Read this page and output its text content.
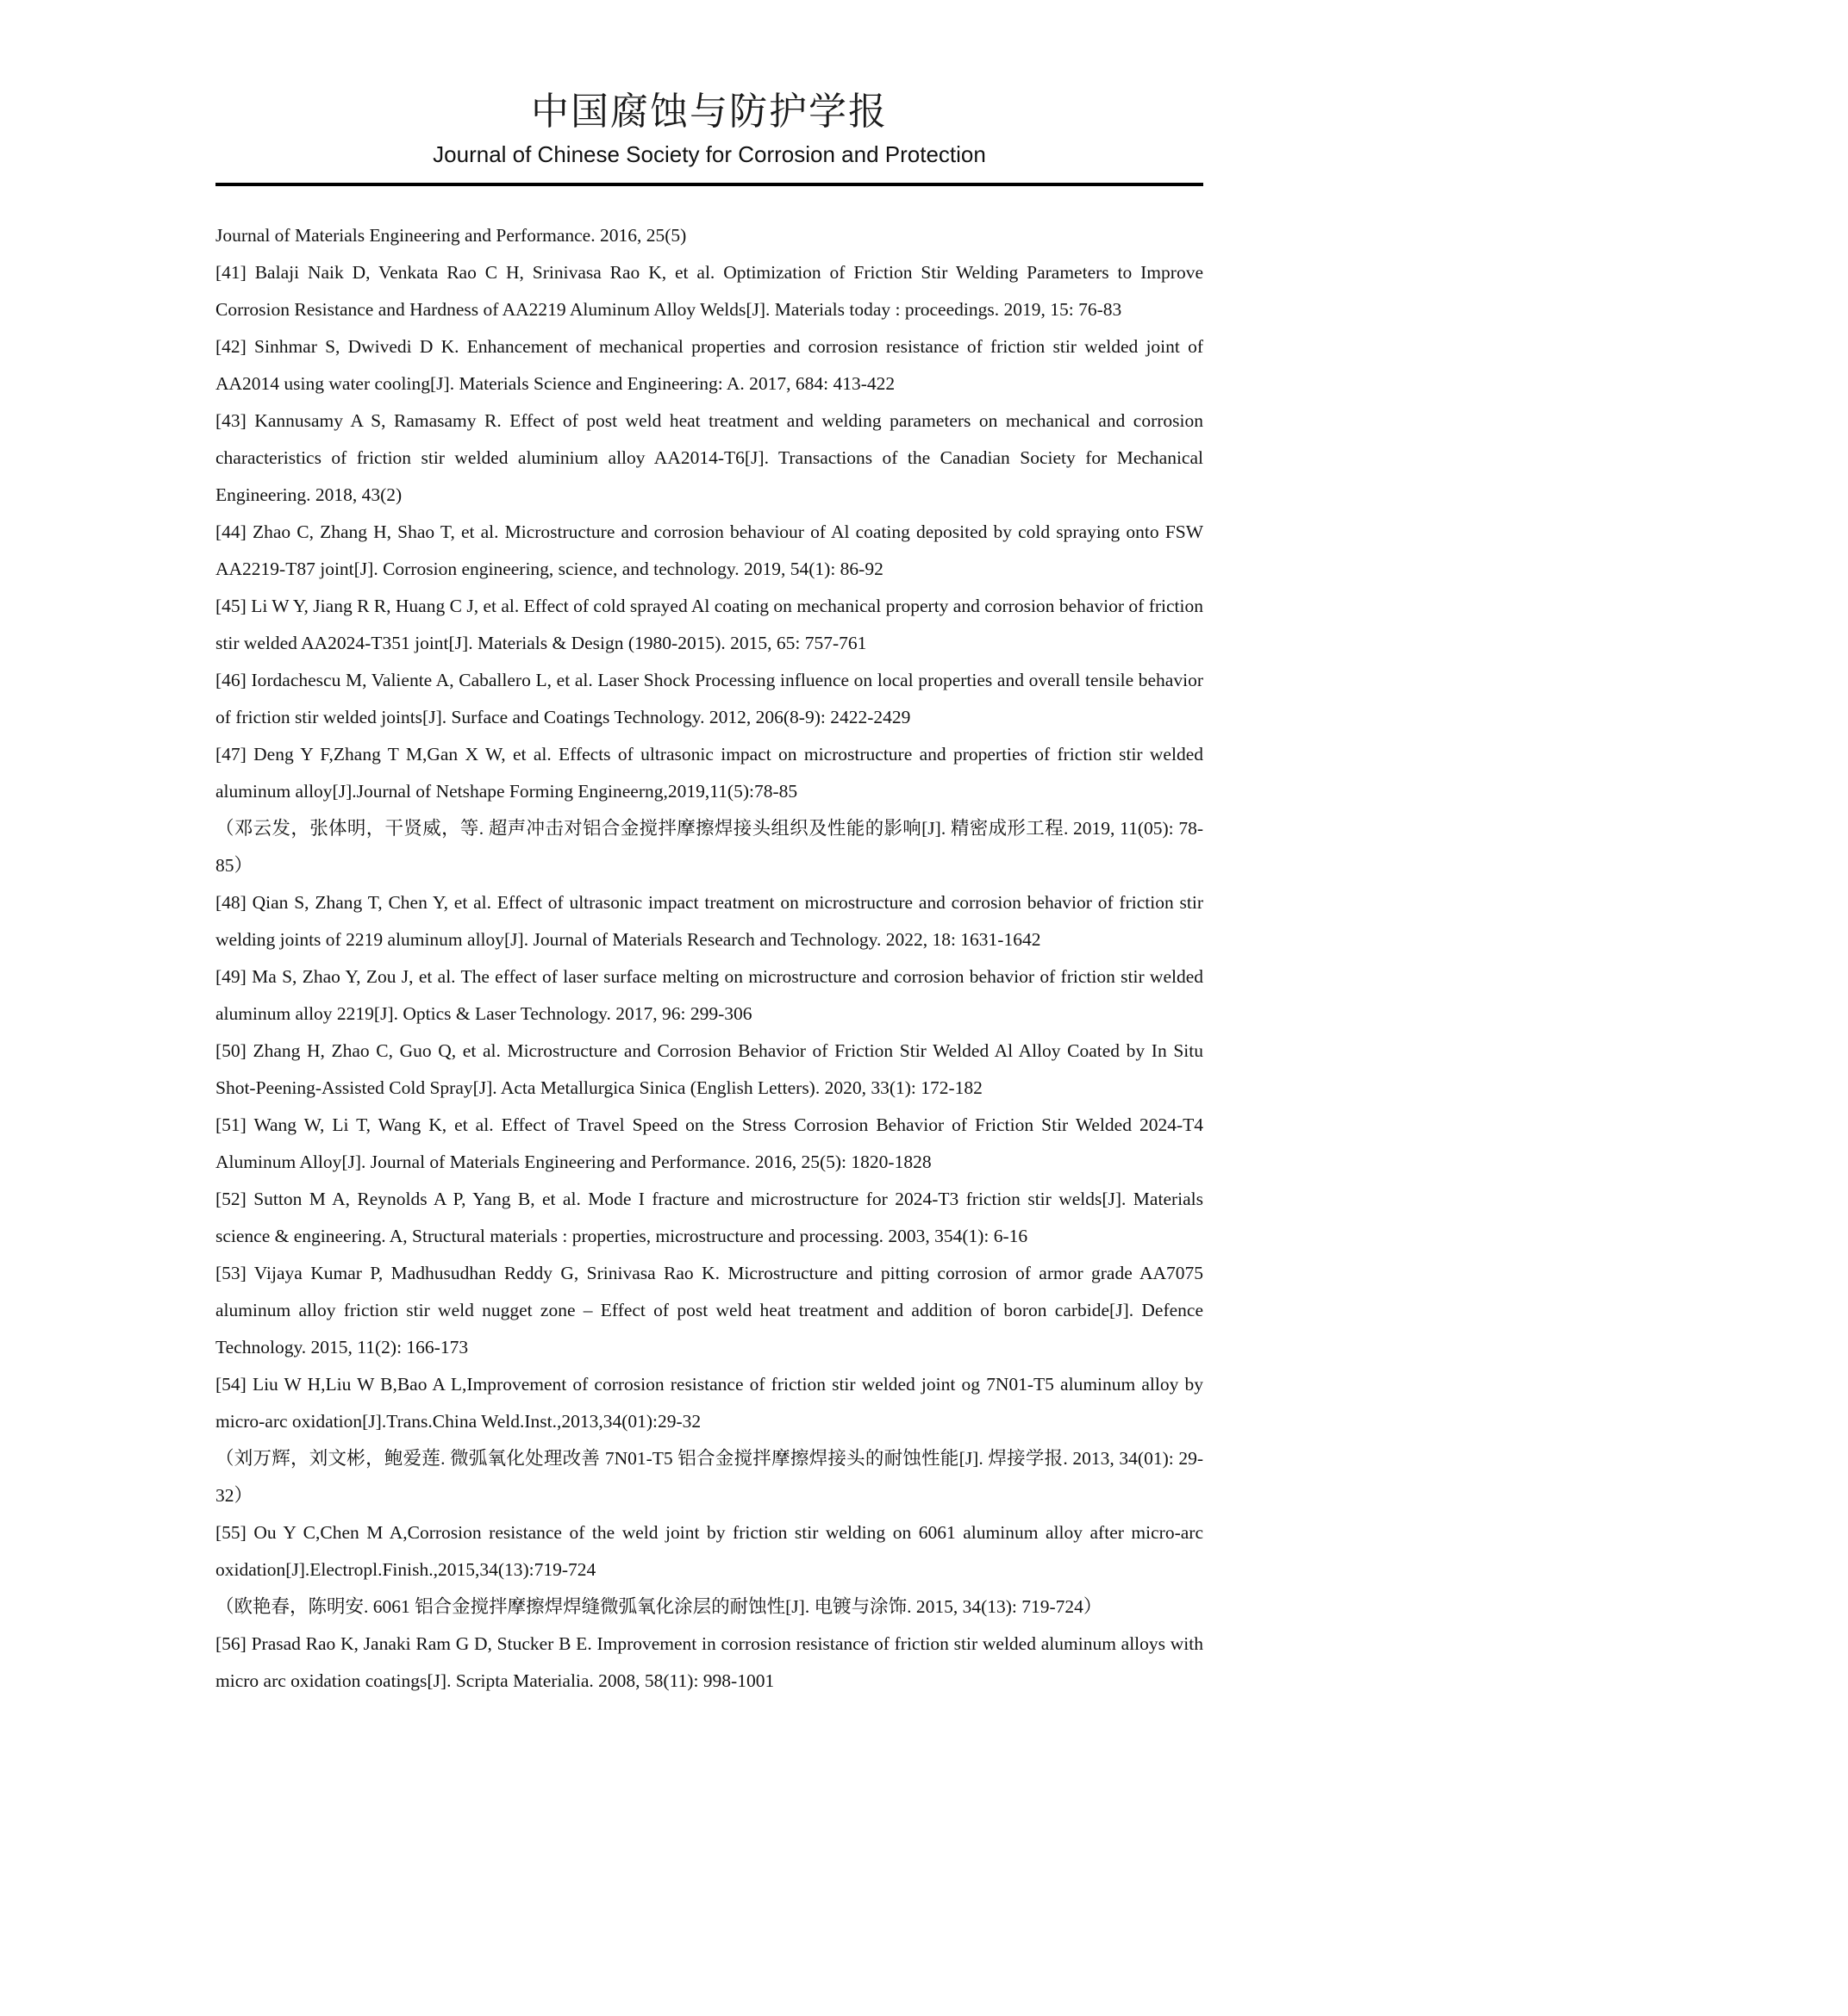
中国腐蚀与防护学报
Journal of Chinese Society for Corrosion and Protection

Journal of Materials Engineering and Performance. 2016, 25(5)

[41] Balaji Naik D, Venkata Rao C H, Srinivasa Rao K, et al. Optimization of Friction Stir Welding Parameters to Improve Corrosion Resistance and Hardness of AA2219 Aluminum Alloy Welds[J]. Materials today : proceedings. 2019, 15: 76-83

[42] Sinhmar S, Dwivedi D K. Enhancement of mechanical properties and corrosion resistance of friction stir welded joint of AA2014 using water cooling[J]. Materials Science and Engineering: A. 2017, 684: 413-422

[43] Kannusamy A S, Ramasamy R. Effect of post weld heat treatment and welding parameters on mechanical and corrosion characteristics of friction stir welded aluminium alloy AA2014-T6[J]. Transactions of the Canadian Society for Mechanical Engineering. 2018, 43(2)

[44] Zhao C, Zhang H, Shao T, et al. Microstructure and corrosion behaviour of Al coating deposited by cold spraying onto FSW AA2219-T87 joint[J]. Corrosion engineering, science, and technology. 2019, 54(1): 86-92

[45] Li W Y, Jiang R R, Huang C J, et al. Effect of cold sprayed Al coating on mechanical property and corrosion behavior of friction stir welded AA2024-T351 joint[J]. Materials & Design (1980-2015). 2015, 65: 757-761

[46] Iordachescu M, Valiente A, Caballero L, et al. Laser Shock Processing influence on local properties and overall tensile behavior of friction stir welded joints[J]. Surface and Coatings Technology. 2012, 206(8-9): 2422-2429

[47] Deng Y F,Zhang T M,Gan X W, et al. Effects of ultrasonic impact on microstructure and properties of friction stir welded aluminum alloy[J].Journal of Netshape Forming Engineerng,2019,11(5):78-85

（邓云发，张体明，干贤威，等. 超声冲击对铝合金搅拌摩擦焊接头组织及性能的影响[J]. 精密成形工程. 2019, 11(05): 78-85）

[48] Qian S, Zhang T, Chen Y, et al. Effect of ultrasonic impact treatment on microstructure and corrosion behavior of friction stir welding joints of 2219 aluminum alloy[J]. Journal of Materials Research and Technology. 2022, 18: 1631-1642

[49] Ma S, Zhao Y, Zou J, et al. The effect of laser surface melting on microstructure and corrosion behavior of friction stir welded aluminum alloy 2219[J]. Optics & Laser Technology. 2017, 96: 299-306

[50] Zhang H, Zhao C, Guo Q, et al. Microstructure and Corrosion Behavior of Friction Stir Welded Al Alloy Coated by In Situ Shot-Peening-Assisted Cold Spray[J]. Acta Metallurgica Sinica (English Letters). 2020, 33(1): 172-182

[51] Wang W, Li T, Wang K, et al. Effect of Travel Speed on the Stress Corrosion Behavior of Friction Stir Welded 2024-T4 Aluminum Alloy[J]. Journal of Materials Engineering and Performance. 2016, 25(5): 1820-1828

[52] Sutton M A, Reynolds A P, Yang B, et al. Mode I fracture and microstructure for 2024-T3 friction stir welds[J]. Materials science & engineering. A, Structural materials : properties, microstructure and processing. 2003, 354(1): 6-16

[53] Vijaya Kumar P, Madhusudhan Reddy G, Srinivasa Rao K. Microstructure and pitting corrosion of armor grade AA7075 aluminum alloy friction stir weld nugget zone – Effect of post weld heat treatment and addition of boron carbide[J]. Defence Technology. 2015, 11(2): 166-173

[54] Liu W H,Liu W B,Bao A L,Improvement of corrosion resistance of friction stir welded joint og 7N01-T5 aluminum alloy by micro-arc oxidation[J].Trans.China Weld.Inst.,2013,34(01):29-32

（刘万辉，刘文彬，鲍爱莲. 微弧氧化处理改善 7N01-T5 铝合金搅拌摩擦焊接头的耐蚀性能[J]. 焊接学报. 2013, 34(01): 29-32）

[55] Ou Y C,Chen M A,Corrosion resistance of the weld joint by friction stir welding on 6061 aluminum alloy after micro-arc oxidation[J].Electropl.Finish.,2015,34(13):719-724

（欧艳春，陈明安. 6061 铝合金搅拌摩擦焊焊缝微弧氧化涂层的耐蚀性[J]. 电镀与涂饰. 2015, 34(13): 719-724）

[56] Prasad Rao K, Janaki Ram G D, Stucker B E. Improvement in corrosion resistance of friction stir welded aluminum alloys with micro arc oxidation coatings[J]. Scripta Materialia. 2008, 58(11): 998-1001
